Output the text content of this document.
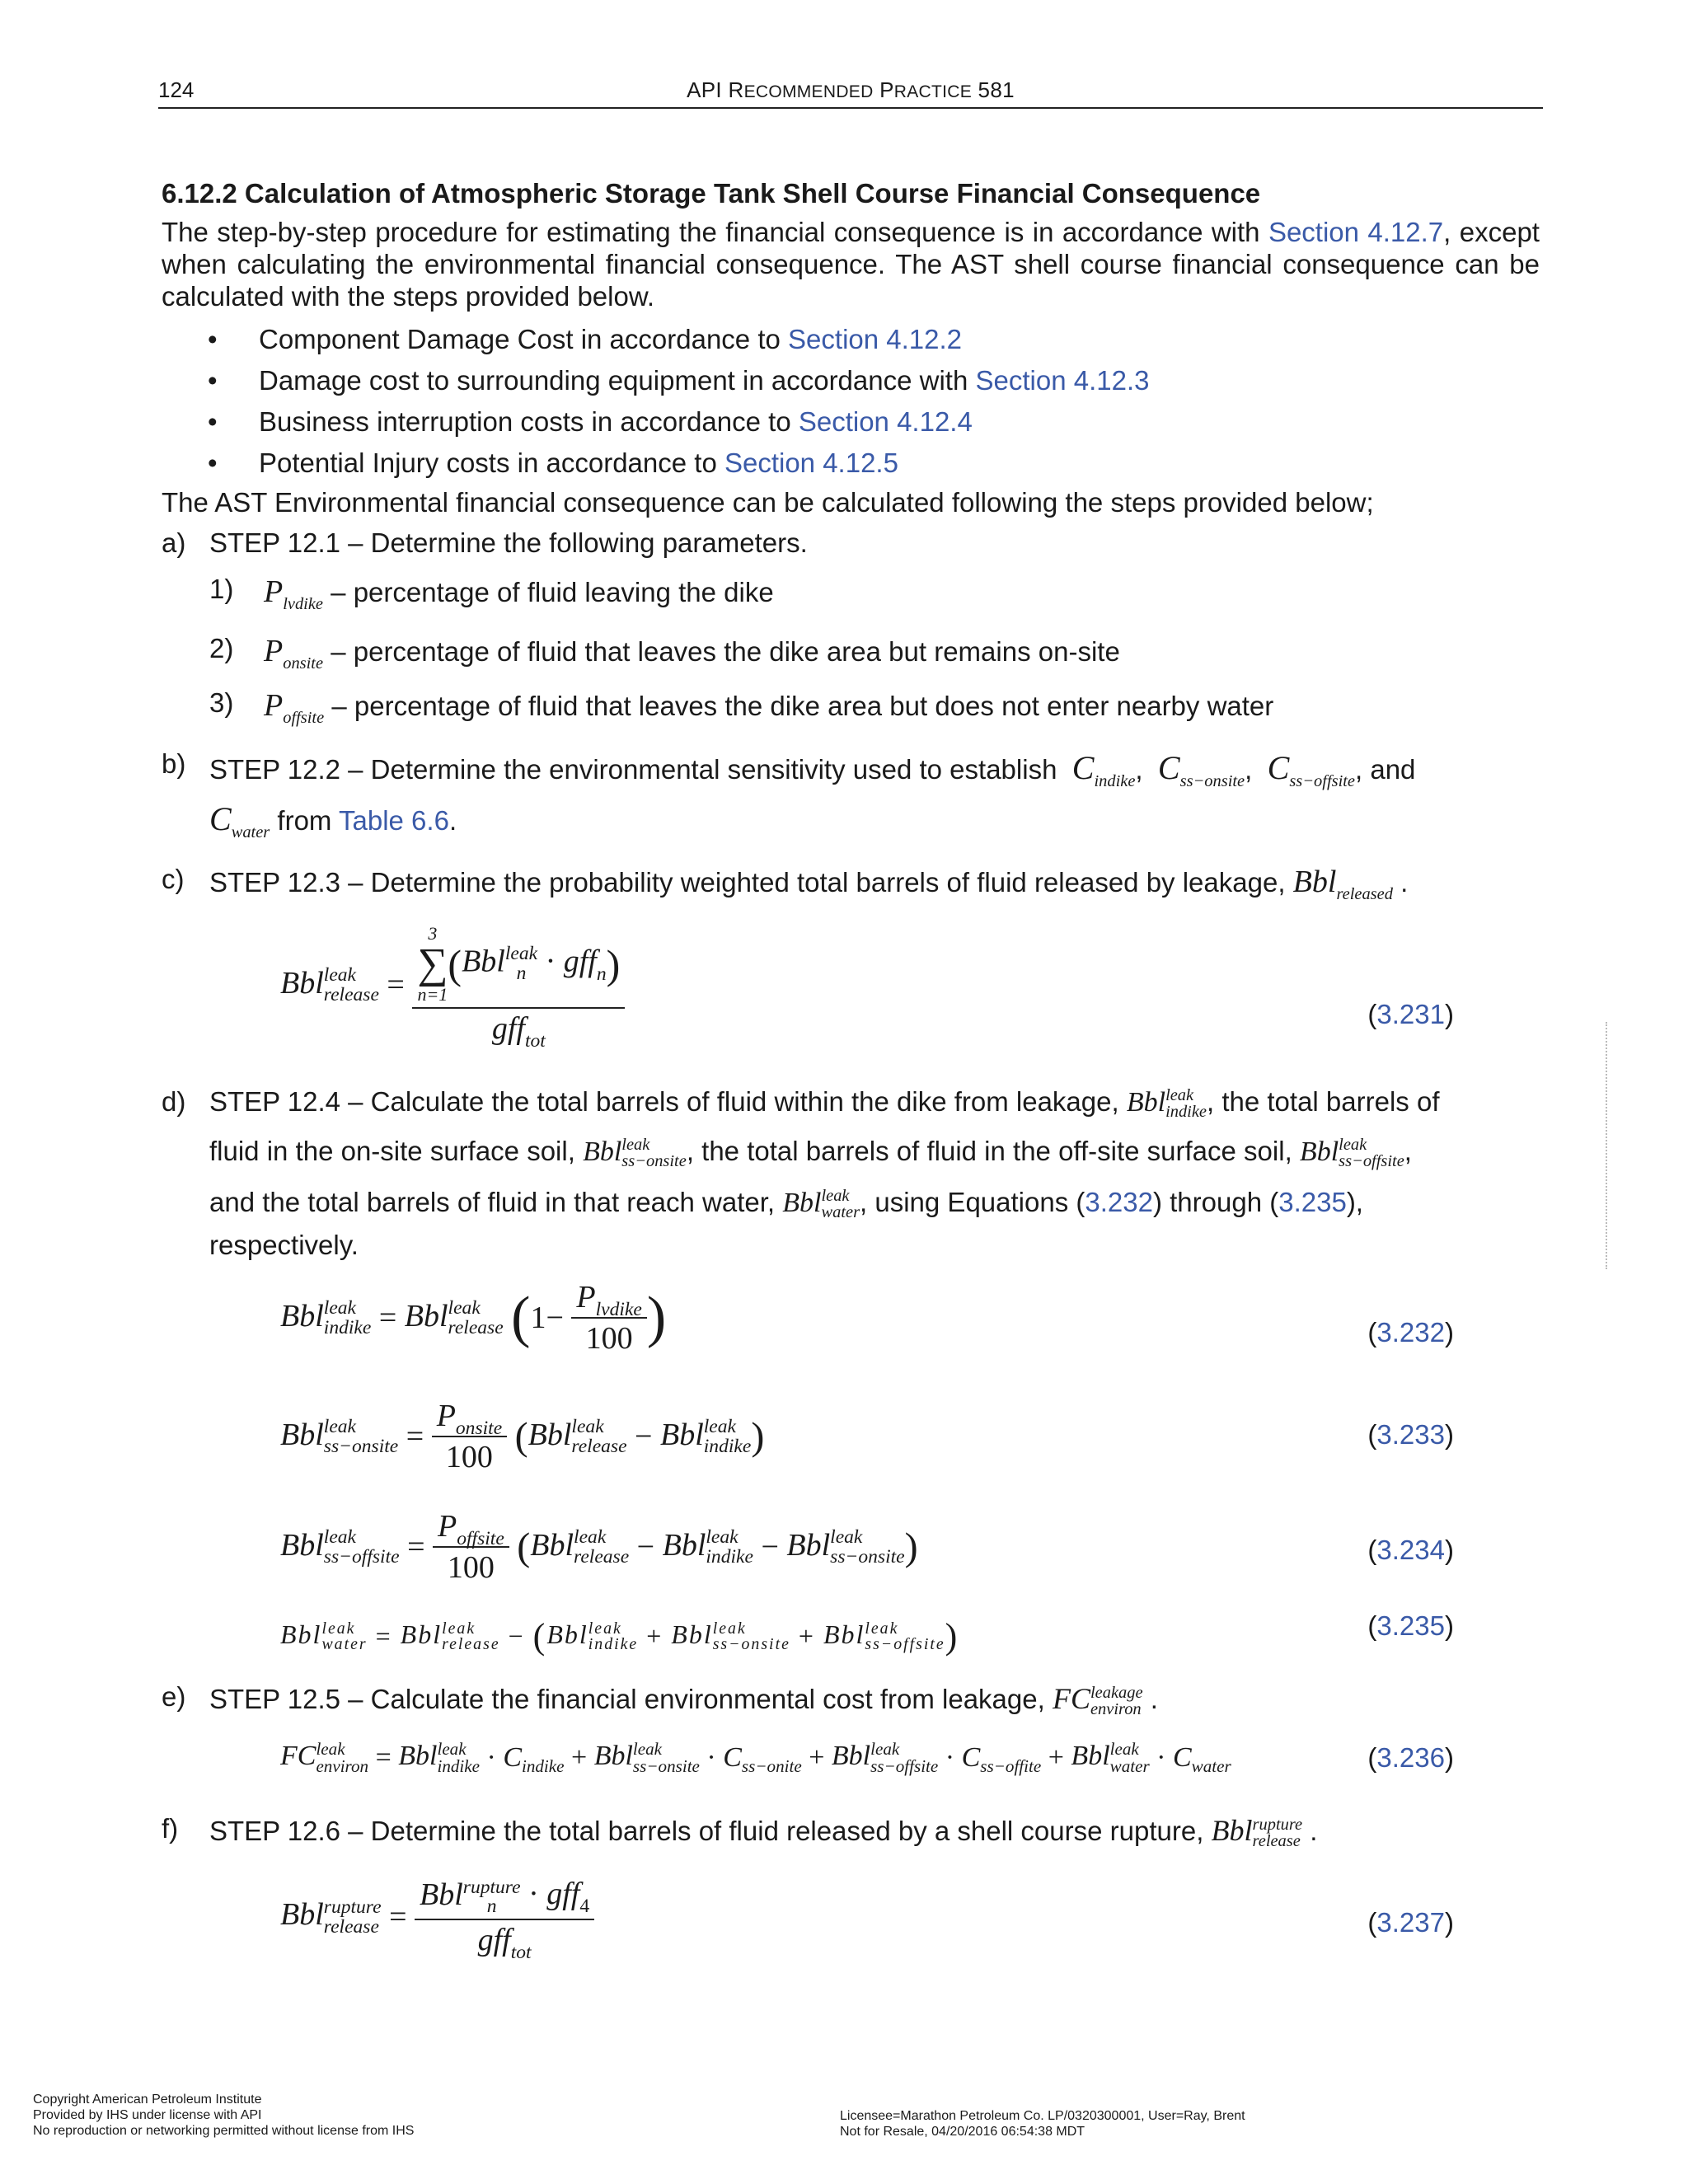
124	API RECOMMENDED PRACTICE 581
6.12.2 Calculation of Atmospheric Storage Tank Shell Course Financial Consequence
The step-by-step procedure for estimating the financial consequence is in accordance with Section 4.12.7, except when calculating the environmental financial consequence. The AST shell course financial consequence can be calculated with the steps provided below.
• Component Damage Cost in accordance to Section 4.12.2
• Damage cost to surrounding equipment in accordance with Section 4.12.3
• Business interruption costs in accordance to Section 4.12.4
• Potential Injury costs in accordance to Section 4.12.5
The AST Environmental financial consequence can be calculated following the steps provided below;
a) STEP 12.1 – Determine the following parameters.
1) $P_{lvdike}$ – percentage of fluid leaving the dike
2) $P_{onsite}$ – percentage of fluid that leaves the dike area but remains on-site
3) $P_{offsite}$ – percentage of fluid that leaves the dike area but does not enter nearby water
b) STEP 12.2 – Determine the environmental sensitivity used to establish $C_{indike}$,  $C_{ss-onsite}$,  $C_{ss-offsite}$, and
$C_{water}$ from Table 6.6.
c) STEP 12.3 – Determine the probability weighted total barrels of fluid released by leakage, Bbl$_{released}$ .
Bbl leak
release = 3
∑
n=1
(Bbl leak
n · gff$_n$)
gff$_{tot}$	(3.231)
d) STEP 12.4 – Calculate the total barrels of fluid within the dike from leakage, Bbl leak
indike , the total barrels of
fluid in the on-site surface soil, Bbl leak
ss−onsite , the total barrels of fluid in the off-site surface soil, Bbl leak
ss−offsite ,
and the total barrels of fluid in that reach water, Bbl leak
water , using Equations (3.232) through (3.235),
respectively.
Bbl leak
indike = Bbl leak
release ($1- \frac{P_{lvdike}}{100}$ )	(3.232)
Bbl leak
ss−onsite = $\frac{P_{onsite}}{100} (Bbl$ leak
release − Bbl leak
indike )	(3.233)
Bbl leak
ss−offsite = $\frac{P_{offsite}}{100} (Bbl$ leak
release − Bbl leak
indike − Bbl leak
ss−onsite )	(3.234)
Bbl leak
water = Bbl leak
release − (Bbl leak
indike + Bbl leak
ss−onsite + Bbl leak
ss−offsite )	(3.235)
e) STEP 12.5 – Calculate the financial environmental cost from leakage, FC leakage
environ .
FC leak
environ = Bbl leak
indike · $C_{indike}$ + Bbl leak
ss−onsite · $C_{ss-onite}$ + Bbl leak
ss−offsite · $C_{ss-offite}$ + Bbl leak
water · $C_{water}$	(3.236)
f) STEP 12.6 – Determine the total barrels of fluid released by a shell course rupture, Bbl rupture
release .
Bbl rupture
release = Bbl rupture
n · gff$_4$
gff$_{tot}$	(3.237)
Copyright American Petroleum Institute
Provided by IHS under license with API
No reproduction or networking permitted without license from IHS
Licensee=Marathon Petroleum Co. LP/0320300001, User=Ray, Brent
Not for Resale, 04/20/2016 06:54:38 MDT
